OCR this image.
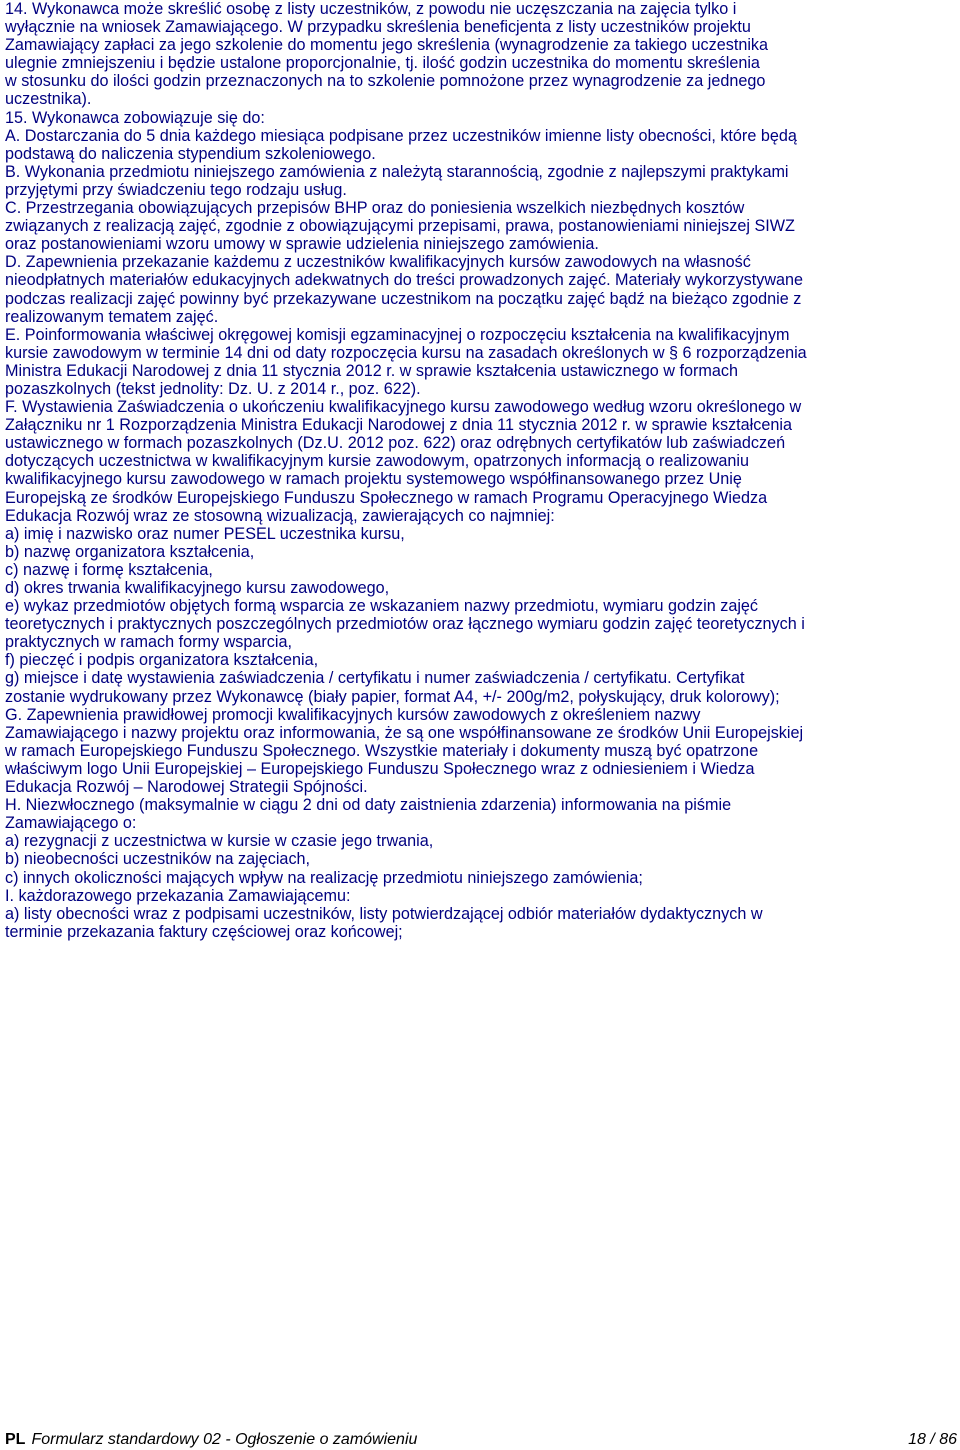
14. Wykonawca może skreślić osobę z listy uczestników, z powodu nie uczęszczania na zajęcia tylko i
wyłącznie na wniosek Zamawiającego. W przypadku skreślenia beneficjenta z listy uczestników projektu
Zamawiający zapłaci za jego szkolenie do momentu jego skreślenia (wynagrodzenie za takiego uczestnika
ulegnie zmniejszeniu i będzie ustalone proporcjonalnie, tj. ilość godzin uczestnika do momentu skreślenia
w stosunku do ilości godzin przeznaczonych na to szkolenie pomnożone przez wynagrodzenie za jednego
uczestnika).
15. Wykonawca zobowiązuje się do:
A. Dostarczania do 5 dnia każdego miesiąca podpisane przez uczestników imienne listy obecności, które będą
podstawą do naliczenia stypendium szkoleniowego.
B. Wykonania przedmiotu niniejszego zamówienia z należytą starannością, zgodnie z najlepszymi praktykami
przyjętymi przy świadczeniu tego rodzaju usług.
C. Przestrzegania obowiązujących przepisów BHP oraz do poniesienia wszelkich niezbędnych kosztów
związanych z realizacją zajęć, zgodnie z obowiązującymi przepisami, prawa, postanowieniami niniejszej SIWZ
oraz postanowieniami wzoru umowy w sprawie udzielenia niniejszego zamówienia.
D. Zapewnienia przekazanie każdemu z uczestników kwalifikacyjnych kursów zawodowych na własność
nieodpłatnych materiałów edukacyjnych adekwatnych do treści prowadzonych zajęć. Materiały wykorzystywane
podczas realizacji zajęć powinny być przekazywane uczestnikom na początku zajęć bądź na bieżąco zgodnie z
realizowanym tematem zajęć.
E. Poinformowania właściwej okręgowej komisji egzaminacyjnej o rozpoczęciu kształcenia na kwalifikacyjnym
kursie zawodowym w terminie 14 dni od daty rozpoczęcia kursu na zasadach określonych w § 6 rozporządzenia
Ministra Edukacji Narodowej z dnia 11 stycznia 2012 r. w sprawie kształcenia ustawicznego w formach
pozaszkolnych (tekst jednolity: Dz. U. z 2014 r., poz. 622).
F. Wystawienia Zaświadczenia o ukończeniu kwalifikacyjnego kursu zawodowego według wzoru określonego w
Załączniku nr 1 Rozporządzenia Ministra Edukacji Narodowej z dnia 11 stycznia 2012 r. w sprawie kształcenia
ustawicznego w formach pozaszkolnych (Dz.U. 2012 poz. 622) oraz odrębnych certyfikatów lub zaświadczeń
dotyczących uczestnictwa w kwalifikacyjnym kursie zawodowym, opatrzonych informacją o realizowaniu
kwalifikacyjnego kursu zawodowego w ramach projektu systemowego współfinansowanego przez Unię
Europejską ze środków Europejskiego Funduszu Społecznego w ramach Programu Operacyjnego Wiedza
Edukacja Rozwój wraz ze stosowną wizualizacją, zawierających co najmniej:
a) imię i nazwisko oraz numer PESEL uczestnika kursu,
b) nazwę organizatora kształcenia,
c) nazwę i formę kształcenia,
d) okres trwania kwalifikacyjnego kursu zawodowego,
e) wykaz przedmiotów objętych formą wsparcia ze wskazaniem nazwy przedmiotu, wymiaru godzin zajęć
teoretycznych i praktycznych poszczególnych przedmiotów oraz łącznego wymiaru godzin zajęć teoretycznych i
praktycznych w ramach formy wsparcia,
f) pieczęć i podpis organizatora kształcenia,
g) miejsce i datę wystawienia zaświadczenia / certyfikatu i numer zaświadczenia / certyfikatu. Certyfikat
zostanie wydrukowany przez Wykonawcę (biały papier, format A4, +/- 200g/m2, połyskujący, druk kolorowy);
G. Zapewnienia prawidłowej promocji kwalifikacyjnych kursów zawodowych z określeniem nazwy
Zamawiającego i nazwy projektu oraz informowania, że są one współfinansowane ze środków Unii Europejskiej
w ramach Europejskiego Funduszu Społecznego. Wszystkie materiały i dokumenty muszą być opatrzone
właściwym logo Unii Europejskiej – Europejskiego Funduszu Społecznego wraz z odniesieniem i Wiedza
Edukacja Rozwój – Narodowej Strategii Spójności.
H. Niezwłocznego (maksymalnie w ciągu 2 dni od daty zaistnienia zdarzenia) informowania na piśmie
Zamawiającego o:
a) rezygnacji z uczestnictwa w kursie w czasie jego trwania,
b) nieobecności uczestników na zajęciach,
c) innych okoliczności mających wpływ na realizację przedmiotu niniejszego zamówienia;
I. każdorazowego przekazania Zamawiającemu:
a) listy obecności wraz z podpisami uczestników, listy potwierdzającej odbiór materiałów dydaktycznych w
terminie przekazania faktury częściowej oraz końcowej;
PL Formularz standardowy 02 - Ogłoszenie o zamówieniu	18 / 86
